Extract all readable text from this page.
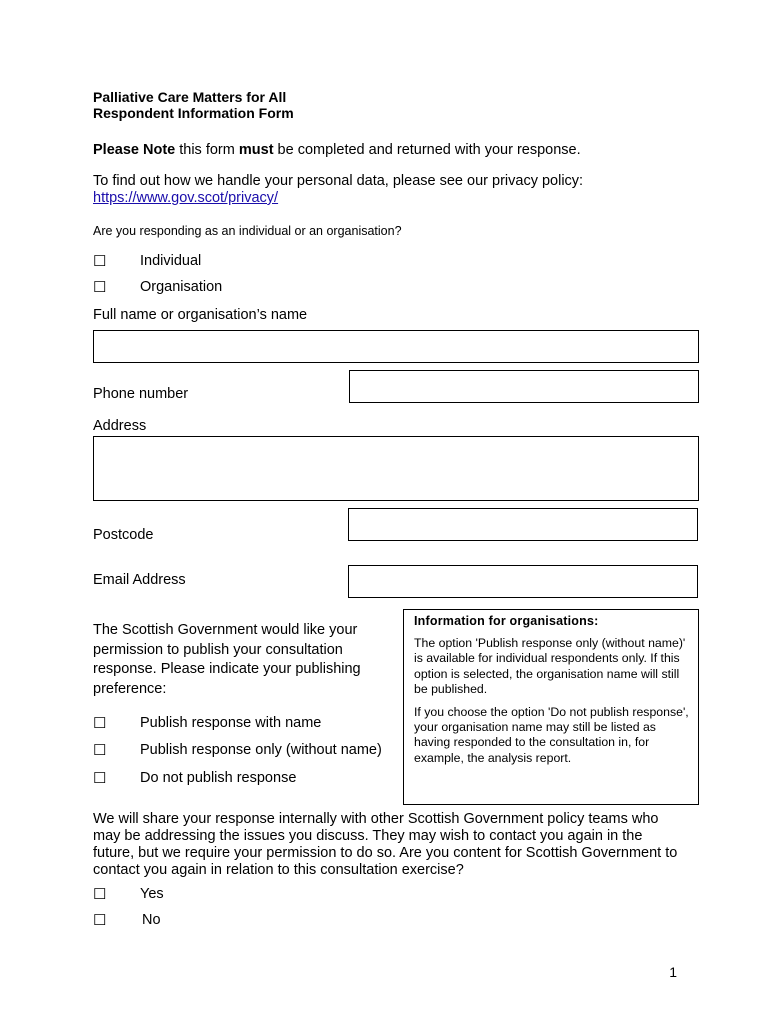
Palliative Care Matters for All
Respondent Information Form

Please Note this form must be completed and returned with your response.

To find out how we handle your personal data, please see our privacy policy:

https://www.gov.scot/privacy/

Are you responding as an individual or an organisation?

☐ Individual
☐ Organisation

Full name or organisation’s name

Phone number

Address

Postcode

Email Address

The Scottish Government would like your permission to publish your consultation response. Please indicate your publishing preference:

☐ Publish response with name
☐ Publish response only (without name)
☐ Do not publish response
Information for organisations:

The option 'Publish response only (without name)' is available for individual respondents only. If this option is selected, the organisation name will still be published.

If you choose the option 'Do not publish response', your organisation name may still be listed as having responded to the consultation in, for example, the analysis report.

We will share your response internally with other Scottish Government policy teams who may be addressing the issues you discuss. They may wish to contact you again in the future, but we require your permission to do so. Are you content for Scottish Government to contact you again in relation to this consultation exercise?

☐ Yes
☐ No

1
